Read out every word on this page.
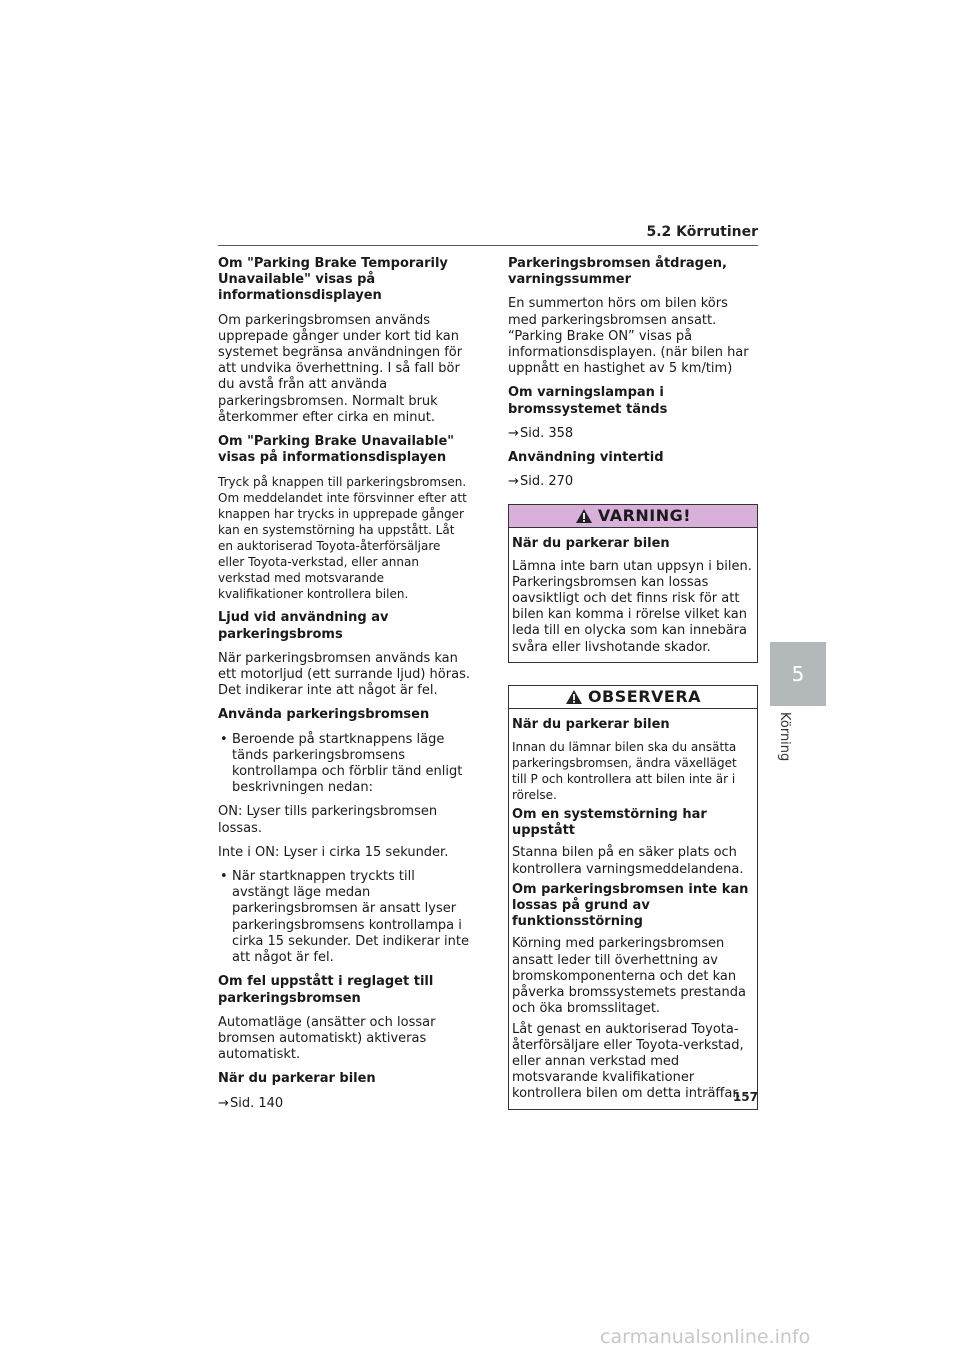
5.2 Körrutiner
Om "Parking Brake Temporarily Unavailable" visas på informationsdisplayen
Om parkeringsbromsen används upprepade gånger under kort tid kan systemet begränsa användningen för att undvika överhettning. I så fall bör du avstå från att använda parkeringsbromsen. Normalt bruk återkommer efter cirka en minut.
Om "Parking Brake Unavailable" visas på informationsdisplayen
Tryck på knappen till parkeringsbromsen. Om meddelandet inte försvinner efter att knappen har trycks in upprepade gånger kan en systemstörning ha uppstått. Låt en auktoriserad Toyota-återförsäljare eller Toyota-verkstad, eller annan verkstad med motsvarande kvalifikationer kontrollera bilen.
Ljud vid användning av parkeringsbroms
När parkeringsbromsen används kan ett motorljud (ett surrande ljud) höras. Det indikerar inte att något är fel.
Använda parkeringsbromsen
• Beroende på startknappens läge tänds parkeringsbromsens kontrollampa och förblir tänd enligt beskrivningen nedan:
ON: Lyser tills parkeringsbromsen lossas.
Inte i ON: Lyser i cirka 15 sekunder.
• När startknappen tryckts till avstängt läge medan parkeringsbromsen är ansatt lyser parkeringsbromsens kontrollampa i cirka 15 sekunder. Det indikerar inte att något är fel.
Om fel uppstått i reglaget till parkeringsbromsen
Automatläge (ansätter och lossar bromsen automatiskt) aktiveras automatiskt.
När du parkerar bilen
→Sid. 140
Parkeringsbromsen åtdragen, varningssummer
En summerton hörs om bilen körs med parkeringsbromsen ansatt. “Parking Brake ON” visas på informationsdisplayen. (när bilen har uppnått en hastighet av 5 km/tim)
Om varningslampan i bromssystemet tänds
→Sid. 358
Användning vintertid
→Sid. 270
VARNING!
När du parkerar bilen
Lämna inte barn utan uppsyn i bilen. Parkeringsbromsen kan lossas oavsiktligt och det finns risk för att bilen kan komma i rörelse vilket kan leda till en olycka som kan innebära svåra eller livshotande skador.
OBSERVERA
När du parkerar bilen
Innan du lämnar bilen ska du ansätta parkeringsbromsen, ändra växelläget till P och kontrollera att bilen inte är i rörelse.
Om en systemstörning har uppstått
Stanna bilen på en säker plats och kontrollera varningsmeddelandena.
Om parkeringsbromsen inte kan lossas på grund av funktionsstörning
Körning med parkeringsbromsen ansatt leder till överhettning av bromskomponenterna och det kan påverka bromssystemets prestanda och öka bromsslitaget.
Låt genast en auktoriserad Toyota-återförsäljare eller Toyota-verkstad, eller annan verkstad med motsvarande kvalifikationer kontrollera bilen om detta inträffar.
5
Körning
157
carmanualsonline.info
